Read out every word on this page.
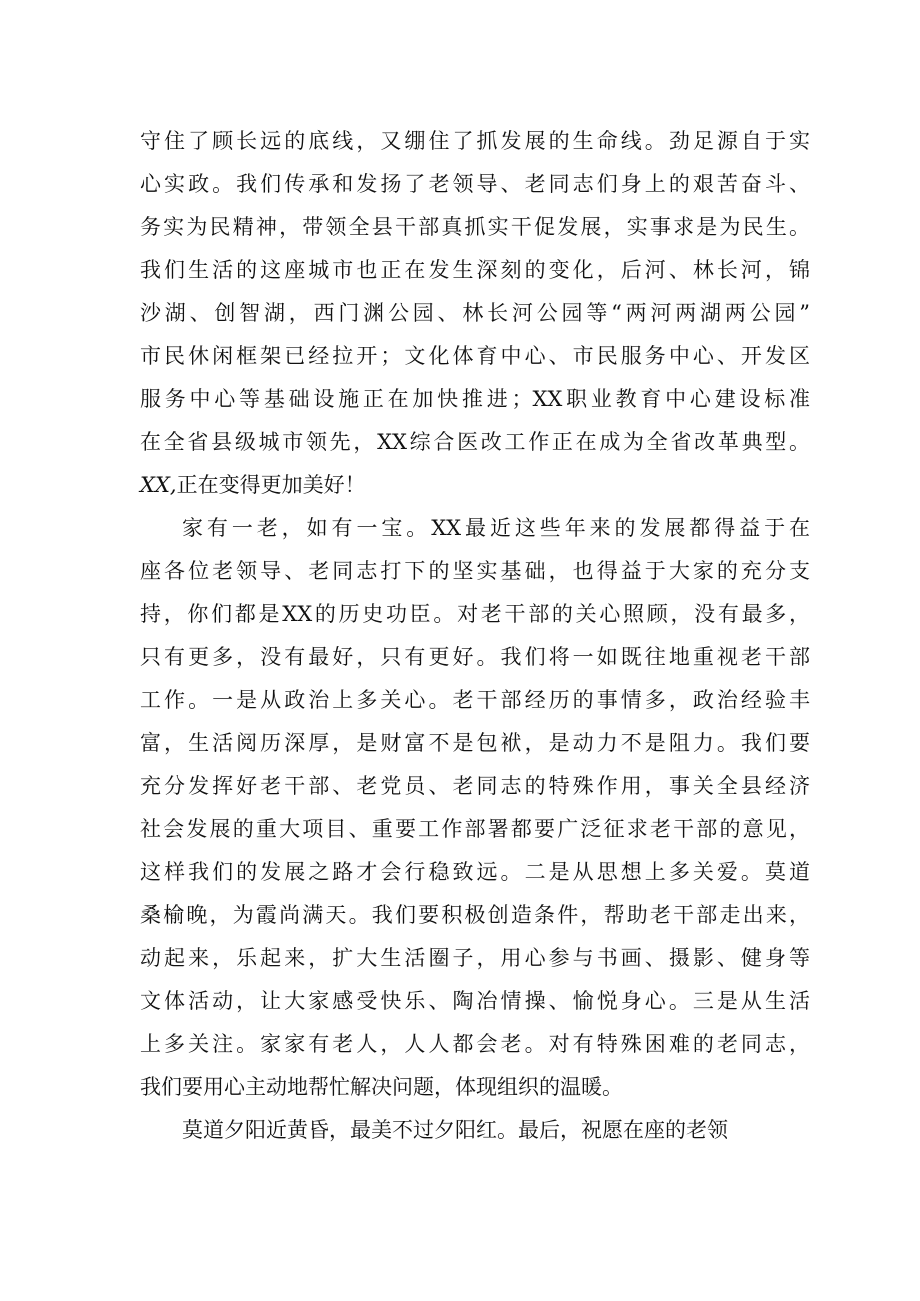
守住了顾长远的底线，又绷住了抓发展的生命线。劲足源自于实
心实政。我们传承和发扬了老领导、老同志们身上的艰苦奋斗、
务实为民精神，带领全县干部真抓实干促发展，实事求是为民生。
我们生活的这座城市也正在发生深刻的变化，后河、林长河，锦
沙湖、创智湖，西门渊公园、林长河公园等“两河两湖两公园”
市民休闲框架已经拉开；文化体育中心、市民服务中心、开发区
服务中心等基础设施正在加快推进；XX职业教育中心建设标准
在全省县级城市领先，XX综合医改工作正在成为全省改革典型。
XX,正在变得更加美好！
家有一老，如有一宝。XX最近这些年来的发展都得益于在
座各位老领导、老同志打下的坚实基础，也得益于大家的充分支
持，你们都是XX的历史功臣。对老干部的关心照顾，没有最多，
只有更多，没有最好，只有更好。我们将一如既往地重视老干部
工作。一是从政治上多关心。老干部经历的事情多，政治经验丰
富，生活阅历深厚，是财富不是包袱，是动力不是阻力。我们要
充分发挥好老干部、老党员、老同志的特殊作用，事关全县经济
社会发展的重大项目、重要工作部署都要广泛征求老干部的意见，
这样我们的发展之路才会行稳致远。二是从思想上多关爱。莫道
桑榆晚，为霞尚满天。我们要积极创造条件，帮助老干部走出来，
动起来，乐起来，扩大生活圈子，用心参与书画、摄影、健身等
文体活动，让大家感受快乐、陶冶情操、愉悦身心。三是从生活
上多关注。家家有老人，人人都会老。对有特殊困难的老同志，
我们要用心主动地帮忙解决问题，体现组织的温暖。
莫道夕阳近黄昏，最美不过夕阳红。最后，祝愿在座的老领
